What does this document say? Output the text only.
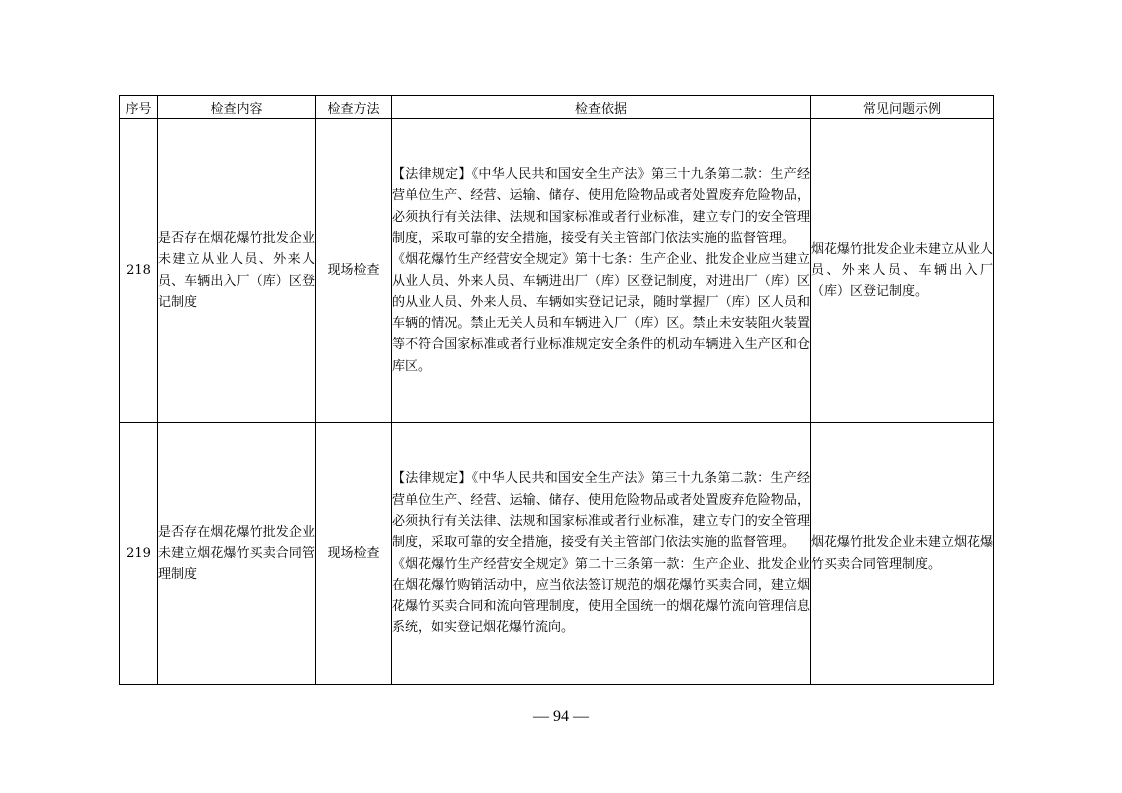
序号	检查内容	检查方法	检查依据	常见问题示例
218	是否存在烟花爆竹批发企业未建立从业人员、外来人员、车辆出入厂（库）区登记制度	现场检查	【法律规定】《中华人民共和国安全生产法》第三十九条第二款：生产经营单位生产、经营、运输、储存、使用危险物品或者处置废弃危险物品，必须执行有关法律、法规和国家标准或者行业标准，建立专门的安全管理制度，采取可靠的安全措施，接受有关主管部门依法实施的监督管理。
《烟花爆竹生产经营安全规定》第十七条：生产企业、批发企业应当建立从业人员、外来人员、车辆进出厂（库）区登记制度，对进出厂（库）区的从业人员、外来人员、车辆如实登记记录，随时掌握厂（库）区人员和车辆的情况。禁止无关人员和车辆进入厂（库）区。禁止未安装阻火装置等不符合国家标准或者行业标准规定安全条件的机动车辆进入生产区和仓库区。	烟花爆竹批发企业未建立从业人员、外来人员、车辆出入厂（库）区登记制度。
219	是否存在烟花爆竹批发企业未建立烟花爆竹买卖合同管理制度	现场检查	【法律规定】《中华人民共和国安全生产法》第三十九条第二款：生产经营单位生产、经营、运输、储存、使用危险物品或者处置废弃危险物品，必须执行有关法律、法规和国家标准或者行业标准，建立专门的安全管理制度，采取可靠的安全措施，接受有关主管部门依法实施的监督管理。
《烟花爆竹生产经营安全规定》第二十三条第一款：生产企业、批发企业在烟花爆竹购销活动中，应当依法签订规范的烟花爆竹买卖合同，建立烟花爆竹买卖合同和流向管理制度，使用全国统一的烟花爆竹流向管理信息系统，如实登记烟花爆竹流向。	烟花爆竹批发企业未建立烟花爆竹买卖合同管理制度。
— 94 —
